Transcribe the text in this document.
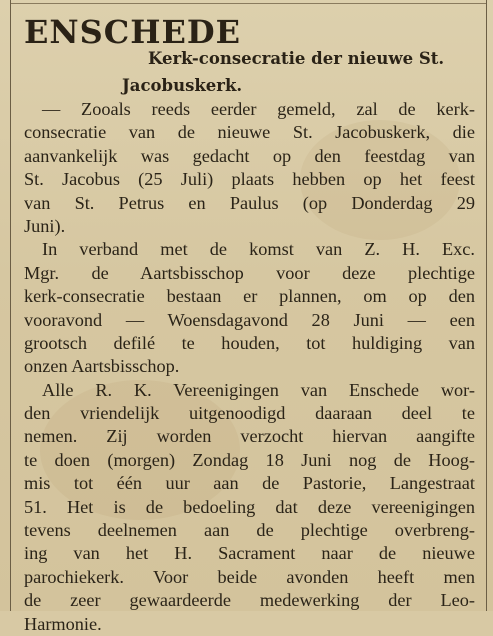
ENSCHEDE
Kerk-consecratie der nieuwe St.
Jacobuskerk.
— Zooals reeds eerder gemeld, zal de kerk-
consecratie van de nieuwe St. Jacobuskerk, die
aanvankelijk was gedacht op den feestdag van
St. Jacobus (25 Juli) plaats hebben op het feest
van St. Petrus en Paulus (op Donderdag 29
Juni).
In verband met de komst van Z. H. Exc.
Mgr. de Aartsbisschop voor deze plechtige
kerk-consecratie bestaan er plannen, om op den
vooravond — Woensdagavond 28 Juni — een
grootsch defilé te houden, tot huldiging van
onzen Aartsbisschop.
Alle R. K. Vereenigingen van Enschede wor-
den vriendelijk uitgenoodigd daaraan deel te
nemen. Zij worden verzocht hiervan aangifte
te doen (morgen) Zondag 18 Juni nog de Hoog-
mis tot één uur aan de Pastorie, Langestraat
51. Het is de bedoeling dat deze vereenigingen
tevens deelnemen aan de plechtige overbreng-
ing van het H. Sacrament naar de nieuwe
parochiekerk. Voor beide avonden heeft men
de zeer gewaardeerde medewerking der Leo-
Harmonie.
